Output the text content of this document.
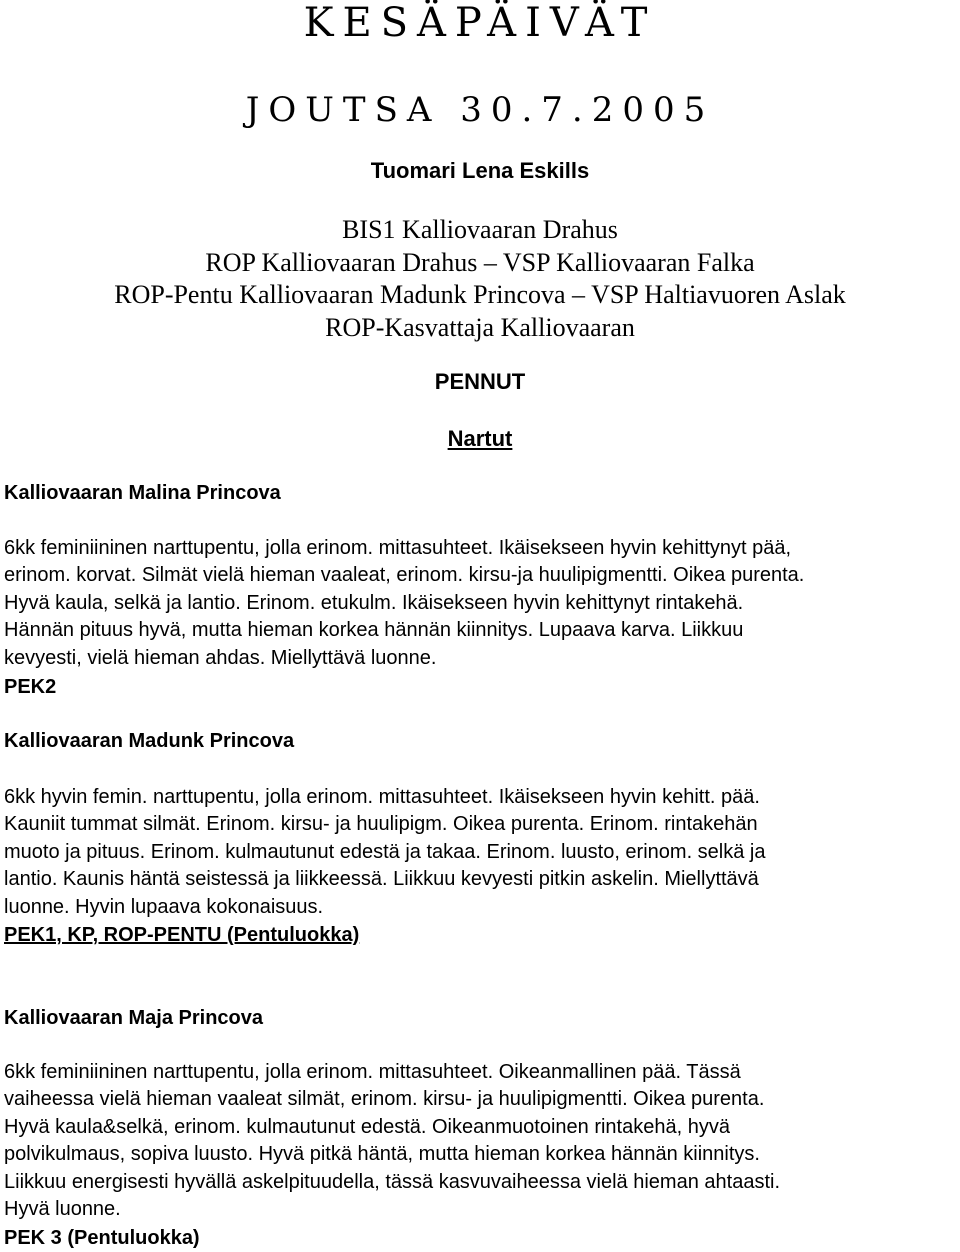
KESÄPÄIVÄT
JOUTSA 30.7.2005
Tuomari Lena Eskills
BIS1 Kalliovaaran Drahus
ROP Kalliovaaran Drahus – VSP Kalliovaaran Falka
ROP-Pentu Kalliovaaran Madunk Princova – VSP Haltiavuoren Aslak
ROP-Kasvattaja Kalliovaaran
PENNUT
Nartut
Kalliovaaran Malina Princova
6kk feminiininen narttupentu, jolla erinom. mittasuhteet. Ikäisekseen hyvin kehittynyt pää,
erinom. korvat. Silmät vielä hieman vaaleat, erinom. kirsu-ja huulipigmentti. Oikea purenta.
Hyvä kaula, selkä ja lantio. Erinom. etukulm. Ikäisekseen hyvin kehittynyt rintakehä.
Hännän pituus hyvä, mutta hieman korkea hännän kiinnitys. Lupaava karva. Liikkuu
kevyesti, vielä hieman ahdas. Miellyttävä luonne.
PEK2
Kalliovaaran Madunk Princova
6kk hyvin femin. narttupentu, jolla erinom. mittasuhteet. Ikäisekseen hyvin kehitt. pää.
Kauniit tummat silmät. Erinom. kirsu- ja huulipigm. Oikea purenta. Erinom. rintakehän
muoto ja pituus. Erinom. kulmautunut edestä ja takaa. Erinom. luusto, erinom. selkä ja
lantio. Kaunis häntä seistessä ja liikkeessä. Liikkuu kevyesti pitkin askelin. Miellyttävä
luonne. Hyvin lupaava kokonaisuus.
PEK1, KP, ROP-PENTU (Pentuluokka)
Kalliovaaran Maja Princova
6kk feminiininen narttupentu, jolla erinom. mittasuhteet. Oikeanmallinen pää. Tässä
vaiheessa vielä hieman vaaleat silmät, erinom. kirsu- ja huulipigmentti. Oikea purenta.
Hyvä kaula&selkä, erinom. kulmautunut edestä. Oikeanmuotoinen rintakehä, hyvä
polvikulmaus, sopiva luusto. Hyvä pitkä häntä, mutta hieman korkea hännän kiinnitys.
Liikkuu energisesti hyvällä askelpituudella, tässä kasvuvaiheessa vielä hieman ahtaasti.
Hyvä luonne.
PEK 3 (Pentuluokka)
